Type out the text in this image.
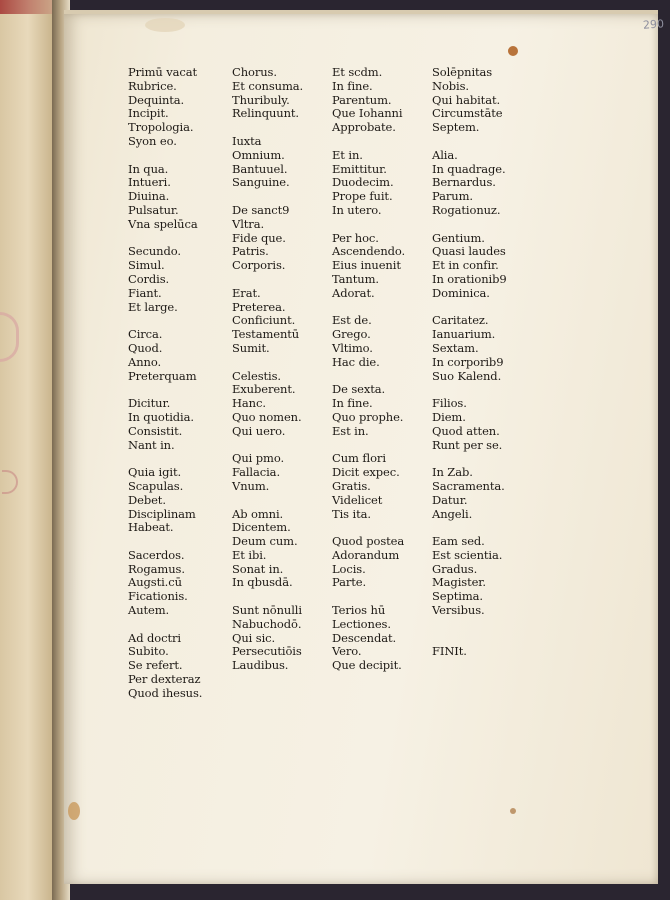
290
Primū vacat
Rubrice.
Dequinta.
Incipit.
Tropologia.
Syon eo.
In qua.
Intueri.
Diuina.
Pulsatur.
Vna spelūca
Secundo.
Simul.
Cordis.
Fiant.
Et large.
Circa.
Quod.
Anno.
Preterquam
Dicitur.
In quotidia.
Consistit.
Nant in.
Quia igit.
Scapulas.
Debet.
Disciplinam
Habeat.
Sacerdos.
Rogamus.
Augsti.cū
Ficationis.
Autem.
Ad doctri
Subito.
Se refert.
Per dexteraz
Quod ihesus.
Chorus.
Et consuma.
Thuribuly.
Relinquunt.
Iuxta
Omnium.
Bantuuel.
Sanguine.
De sanct9
Vltra.
Fide que.
Patris.
Corporis.
Erat.
Preterea.
Conficiunt.
Testamentū
Sumit.
Celestis.
Exuberent.
Hanc.
Quo nomen.
Qui uero.
Qui pmo.
Fallacia.
Vnum.
Ab omni.
Dicentem.
Deum cum.
Et ibi.
Sonat in.
In qbusdā.
Sunt nōnulli
Nabuchodō.
Qui sic.
Persecutiōis
Laudibus.
Et scdm.
In fine.
Parentum.
Que Iohanni
Approbate.
Et in.
Emittitur.
Duodecim.
Prope fuit.
In utero.
Per hoc.
Ascendendo.
Eius inuenit
Tantum.
Adorat.
Est de.
Grego.
Vltimo.
Hac die.
De sexta.
In fine.
Quo prophe.
Est in.
Cum flori
Dicit expec.
Gratis.
Videlicet
Tis ita.
Quod postea
Adorandum
Locis.
Parte.
Terios hū
Lectiones.
Descendat.
Vero.
Que decipit.
Solēpnitas
Nobis.
Qui habitat.
Circumstāte
Septem.
Alia.
In quadrage.
Bernardus.
Parum.
Rogationuz.
Gentium.
Quasi laudes
Et in confir.
In orationib9
Dominica.
Caritatez.
Ianuarium.
Sextam.
In corporib9
Suo Kalend.
Filios.
Diem.
Quod atten.
Runt per se.
In Zab.
Sacramenta.
Datur.
Angeli.
Eam sed.
Est scientia.
Gradus.
Magister.
Septima.
Versibus.
FINIt.
